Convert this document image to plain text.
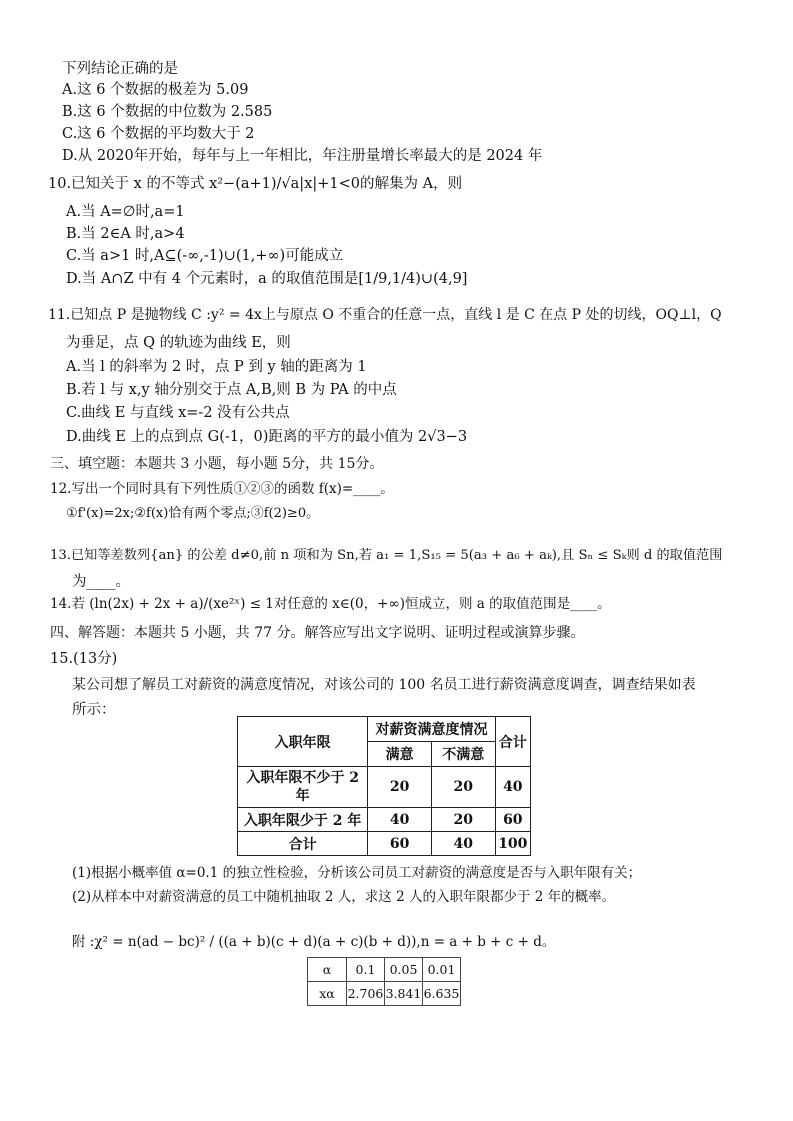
下列结论正确的是
A.这 6 个数据的极差为 5.09
B.这 6 个数据的中位数为 2.585
C.这 6 个数据的平均数大于 2
D.从 2020年开始，每年与上一年相比，年注册量增长率最大的是 2024 年
10.已知关于 x 的不等式 x²−(a+1)/√a|x|+1<0的解集为 A，则
A.当 A=∅时,a=1
B.当 2∈A 时,a>4
C.当 a>1 时,A⊆(-∞,-1)∪(1,+∞)可能成立
D.当 A∩Z 中有 4 个元素时，a 的取值范围是[1/9,1/4)∪(4,9]
11.已知点 P 是抛物线 C :y² = 4x上与原点 O 不重合的任意一点，直线 l 是 C 在点 P 处的切线，OQ⊥l，Q
为垂足，点 Q 的轨迹为曲线 E，则
A.当 l 的斜率为 2 时，点 P 到 y 轴的距离为 1
B.若 l 与 x,y 轴分别交于点 A,B,则 B 为 PA 的中点
C.曲线 E 与直线 x=-2 没有公共点
D.曲线 E 上的点到点 G(-1，0)距离的平方的最小值为 2√3−3
三、填空题：本题共 3 小题，每小题 5分，共 15分。
12.写出一个同时具有下列性质①②③的函数 f(x)=____。
①f'(x)=2x;②f(x)恰有两个零点;③f(2)≥0。
13.已知等差数列{an} 的公差 d≠0,前 n 项和为 Sn,若 a₁ = 1,S₁₅ = 5(a₃ + a₆ + aₖ),且 Sₙ ≤ Sₖ则 d 的取值范围
为____。
14.若 (ln(2x) + 2x + a)/(xe²ˣ) ≤ 1对任意的 x∈(0，+∞)恒成立，则 a 的取值范围是____。
四、解答题：本题共 5 小题，共 77 分。解答应写出文字说明、证明过程或演算步骤。
15.(13分)
某公司想了解员工对薪资的满意度情况，对该公司的 100 名员工进行薪资满意度调查，调查结果如表
所示：
入职年限	对薪资满意度情况		合计
	满意	不满意	
入职年限不少于 2 年	20	20	40
入职年限少于 2 年	40	20	60
合计	60	40	100
(1)根据小概率值 α=0.1 的独立性检验，分析该公司员工对薪资的满意度是否与入职年限有关；
(2)从样本中对薪资满意的员工中随机抽取 2 人，求这 2 人的入职年限都少于 2 年的概率。
附 :χ² = n(ad − bc)² / ((a + b)(c + d)(a + c)(b + d)),n = a + b + c + d。
α	0.1	0.05	0.01
xα	2.706	3.841	6.635
